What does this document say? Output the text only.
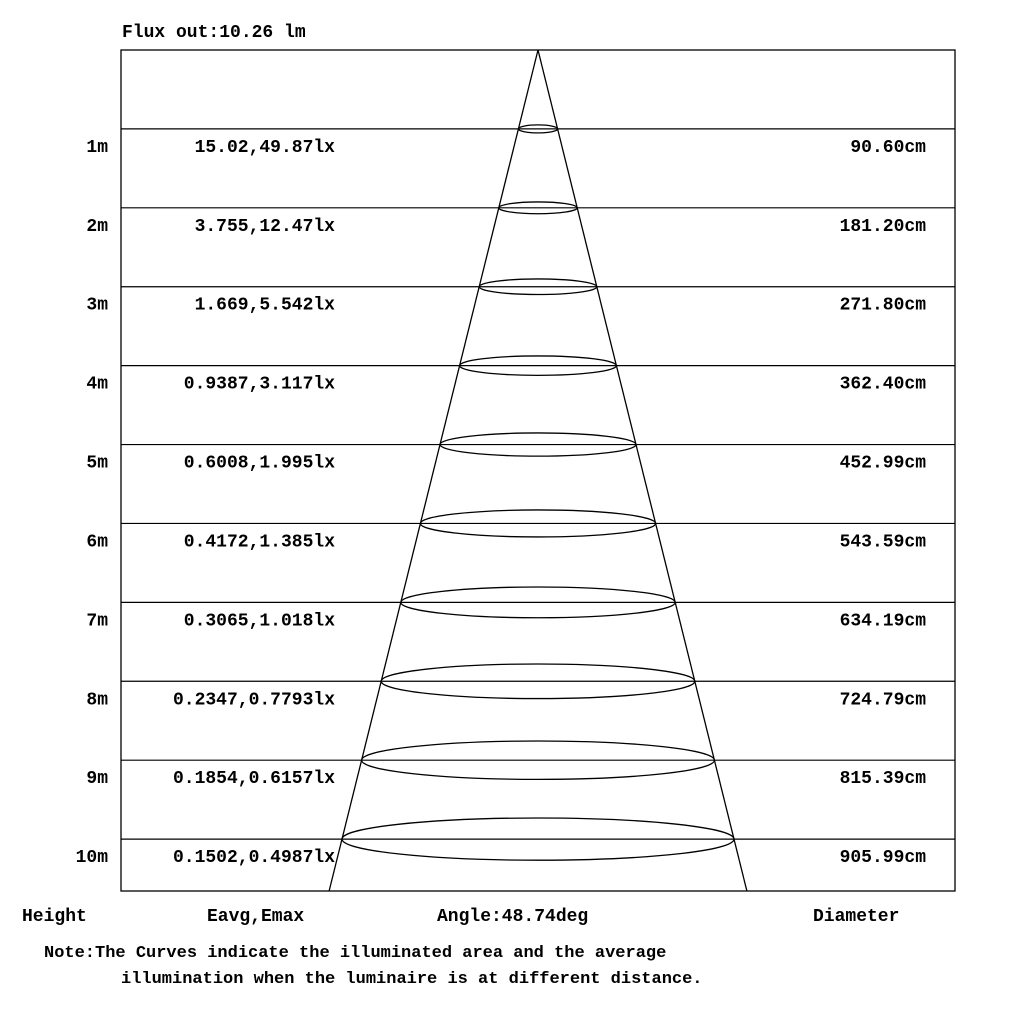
Flux out:10.26 lm
1m	15.02,49.87lx	90.60cm
2m	3.755,12.47lx	181.20cm
3m	1.669,5.542lx	271.80cm
4m	0.9387,3.117lx	362.40cm
5m	0.6008,1.995lx	452.99cm
6m	0.4172,1.385lx	543.59cm
7m	0.3065,1.018lx	634.19cm
8m	0.2347,0.7793lx	724.79cm
9m	0.1854,0.6157lx	815.39cm
10m	0.1502,0.4987lx	905.99cm
Height	Eavg,Emax	Angle:48.74deg	Diameter
Note:The Curves indicate the illuminated area and the average
illumination when the luminaire is at different distance.
